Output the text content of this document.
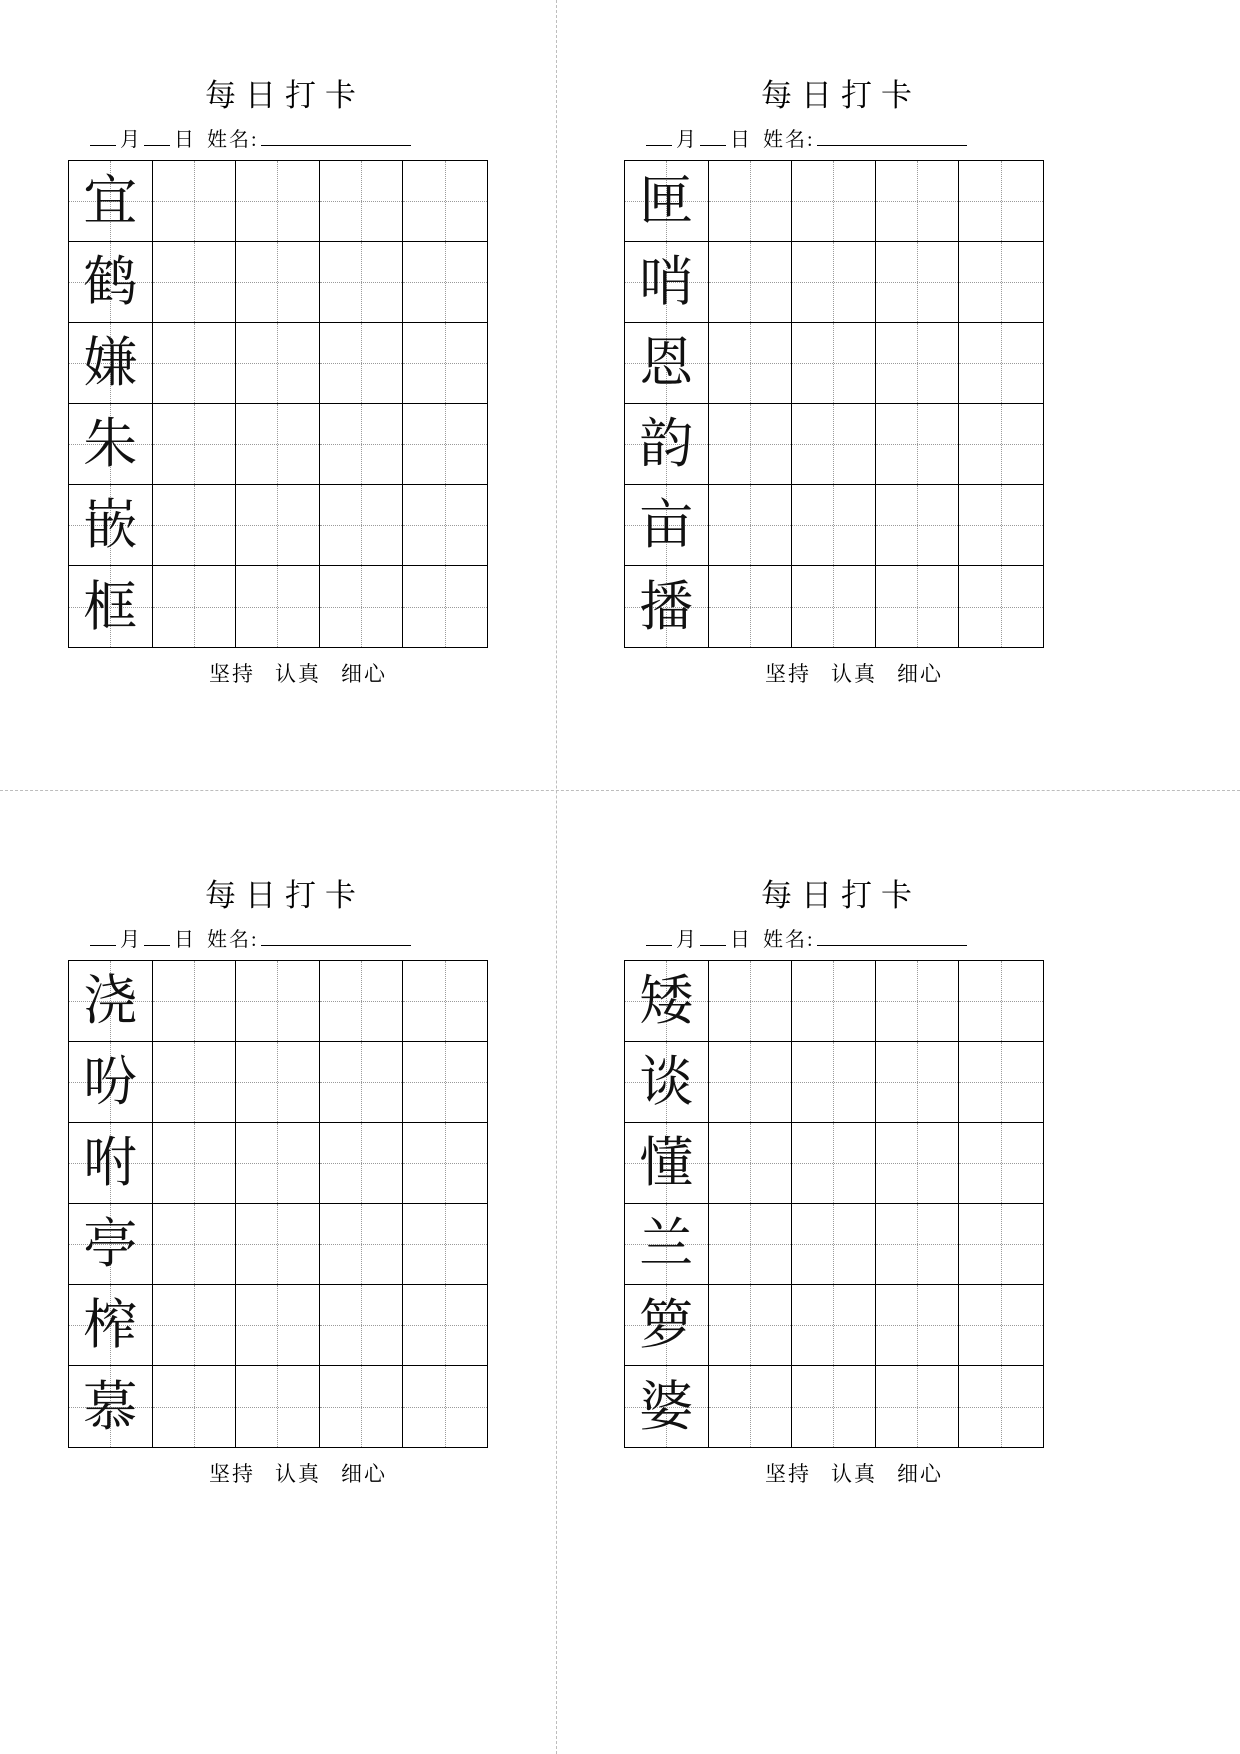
每日打卡
月 日 姓名:
宜
鹤
嫌
朱
嵌
框
坚持 认真 细心
每日打卡
月 日 姓名:
匣
哨
恩
韵
亩
播
坚持 认真 细心
每日打卡
月 日 姓名:
浇
吩
咐
亭
榨
慕
坚持 认真 细心
每日打卡
月 日 姓名:
矮
谈
懂
兰
箩
婆
坚持 认真 细心
